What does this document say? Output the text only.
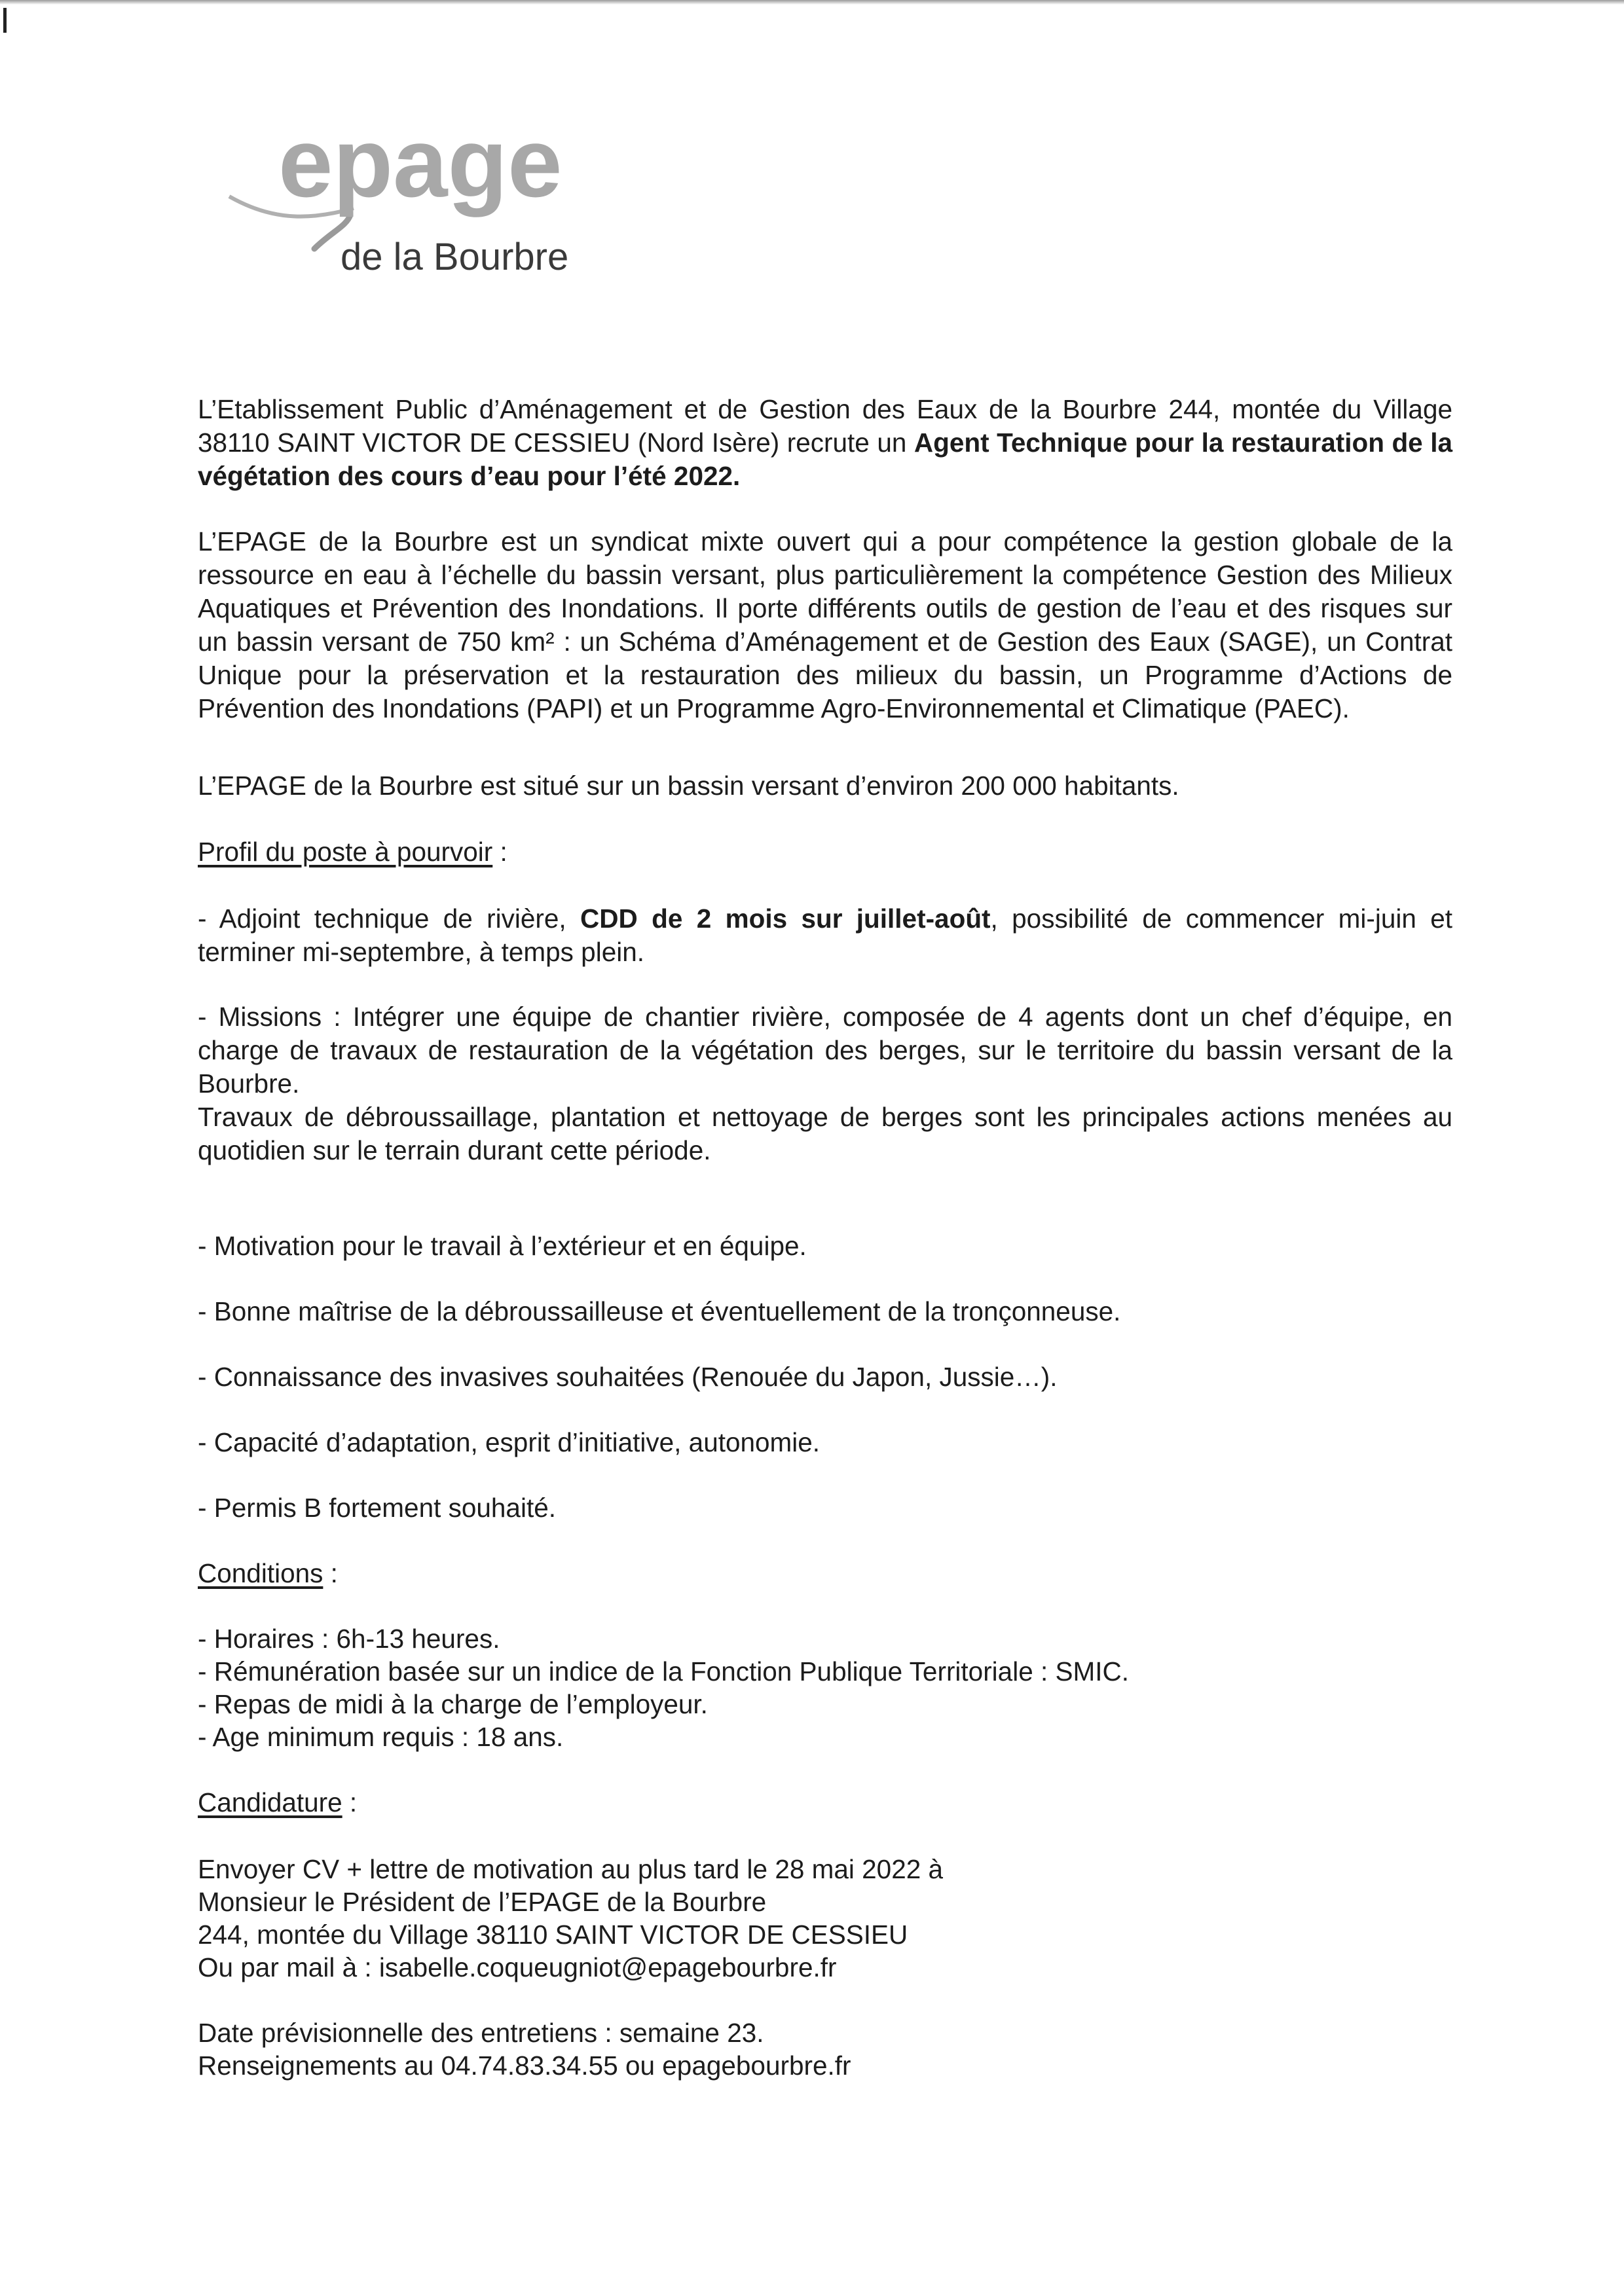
epage
de la Bourbre

L’Etablissement Public d’Aménagement et de Gestion des Eaux de la Bourbre 244, montée du Village 38110 SAINT VICTOR DE CESSIEU (Nord Isère) recrute un Agent Technique pour la restauration de la végétation des cours d’eau pour l’été 2022.

L’EPAGE de la Bourbre est un syndicat mixte ouvert qui a pour compétence la gestion globale de la ressource en eau à l’échelle du bassin versant, plus particulièrement la compétence Gestion des Milieux Aquatiques et Prévention des Inondations. Il porte différents outils de gestion de l’eau et des risques sur un bassin versant de 750 km² : un Schéma d’Aménagement et de Gestion des Eaux (SAGE), un Contrat Unique pour la préservation et la restauration des milieux du bassin, un Programme d’Actions de Prévention des Inondations (PAPI) et un Programme Agro-Environnemental et Climatique (PAEC).

L’EPAGE de la Bourbre est situé sur un bassin versant d’environ 200 000 habitants.

Profil du poste à pourvoir :

- Adjoint technique de rivière, CDD de 2 mois sur juillet-août, possibilité de commencer mi-juin et terminer mi-septembre, à temps plein.

- Missions : Intégrer une équipe de chantier rivière, composée de 4 agents dont un chef d’équipe, en charge de travaux de restauration de la végétation des berges, sur le territoire du bassin versant de la Bourbre.

Travaux de débroussaillage, plantation et nettoyage de berges sont les principales actions menées au quotidien sur le terrain durant cette période.

- Motivation pour le travail à l’extérieur et en équipe.
- Bonne maîtrise de la débroussailleuse et éventuellement de la tronçonneuse.
- Connaissance des invasives souhaitées (Renouée du Japon, Jussie…).
- Capacité d’adaptation, esprit d’initiative, autonomie.
- Permis B fortement souhaité.
Conditions :
- Horaires : 6h-13 heures.
- Rémunération basée sur un indice de la Fonction Publique Territoriale : SMIC.
- Repas de midi à la charge de l’employeur.
- Age minimum requis : 18 ans.
Candidature :
Envoyer CV + lettre de motivation au plus tard le 28 mai 2022 à
Monsieur le Président de l’EPAGE de la Bourbre
244, montée du Village 38110 SAINT VICTOR DE CESSIEU
Ou par mail à : isabelle.coqueugniot@epagebourbre.fr
Date prévisionnelle des entretiens : semaine 23.
Renseignements au 04.74.83.34.55 ou epagebourbre.fr
